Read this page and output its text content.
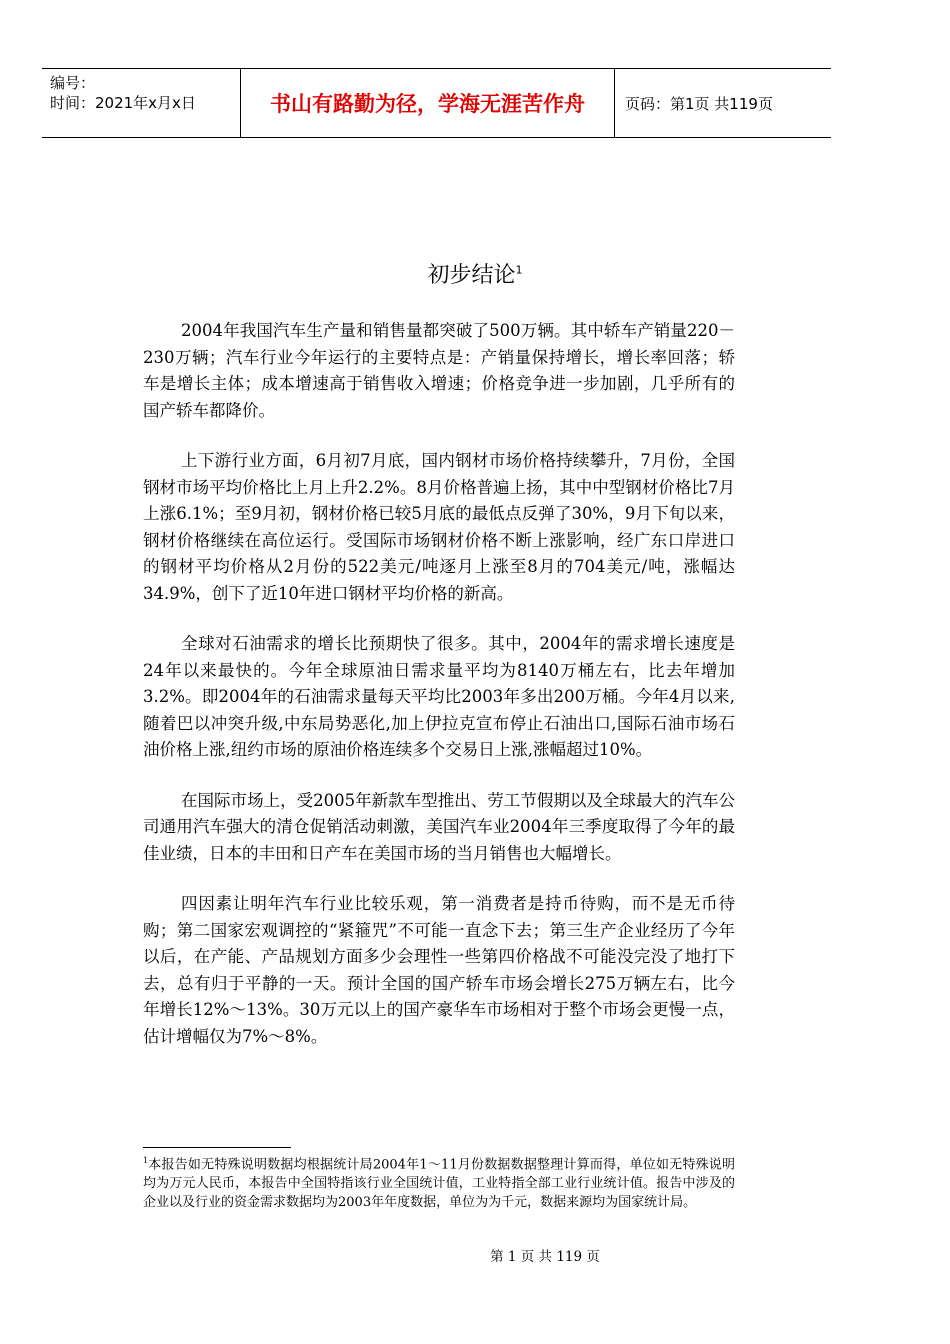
编号：
时间：2021年x月x日	书山有路勤为径，学海无涯苦作舟	页码：第1页 共119页
初步结论$^1$

2004年我国汽车生产量和销售量都突破了500万辆。其中轿车产销量220－230万辆；汽车行业今年运行的主要特点是：产销量保持增长，增长率回落；轿车是增长主体；成本增速高于销售收入增速；价格竞争进一步加剧，几乎所有的国产轿车都降价。

上下游行业方面，6月初7月底，国内钢材市场价格持续攀升，7月份，全国钢材市场平均价格比上月上升2.2%。8月价格普遍上扬，其中中型钢材价格比7月上涨6.1%；至9月初，钢材价格已较5月底的最低点反弹了30%，9月下旬以来，钢材价格继续在高位运行。受国际市场钢材价格不断上涨影响，经广东口岸进口的钢材平均价格从2月份的522美元/吨逐月上涨至8月的704美元/吨，涨幅达34.9%，创下了近10年进口钢材平均价格的新高。

全球对石油需求的增长比预期快了很多。其中，2004年的需求增长速度是24年以来最快的。今年全球原油日需求量平均为8140万桶左右，比去年增加3.2%。即2004年的石油需求量每天平均比2003年多出200万桶。今年4月以来,随着巴以冲突升级,中东局势恶化,加上伊拉克宣布停止石油出口,国际石油市场石油价格上涨,纽约市场的原油价格连续多个交易日上涨,涨幅超过10%。

在国际市场上，受2005年新款车型推出、劳工节假期以及全球最大的汽车公司通用汽车强大的清仓促销活动刺激，美国汽车业2004年三季度取得了今年的最佳业绩，日本的丰田和日产车在美国市场的当月销售也大幅增长。

四因素让明年汽车行业比较乐观，第一消费者是持币待购，而不是无币待购；第二国家宏观调控的“紧箍咒”不可能一直念下去；第三生产企业经历了今年以后，在产能、产品规划方面多少会理性一些第四价格战不可能没完没了地打下去，总有归于平静的一天。预计全国的国产轿车市场会增长275万辆左右，比今年增长12%～13%。30万元以上的国产豪华车市场相对于整个市场会更慢一点，估计增幅仅为7%～8%。

$^1$本报告如无特殊说明数据均根据统计局2004年1～11月份数据数据整理计算而得，单位如无特殊说明均为万元人民币，本报告中全国特指该行业全国统计值，工业特指全部工业行业统计值。报告中涉及的企业以及行业的资金需求数据均为2003年年度数据，单位为为千元，数据来源均为国家统计局。
第 1 页 共 119 页
